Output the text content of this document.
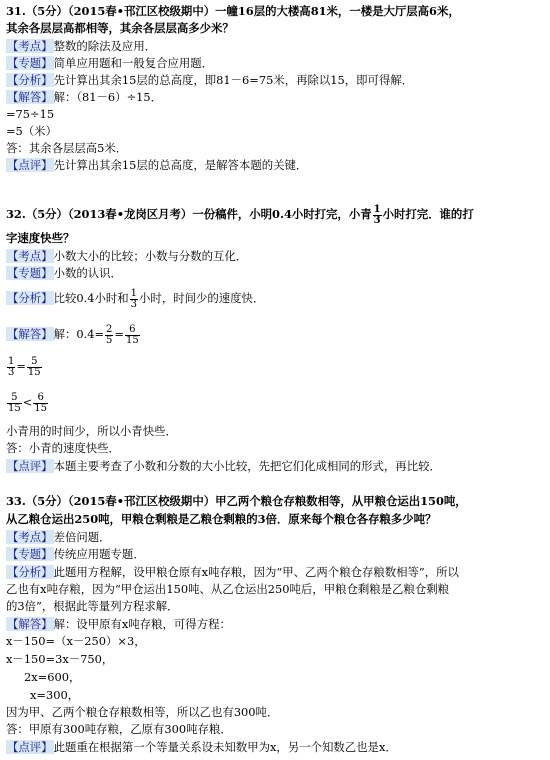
31.（5分）（2015春•邗江区校级期中）一幢16层的大楼高81米，一楼是大厅层高6米，
其余各层层高都相等，其余各层层高多少米？
【考点】整数的除法及应用．
【专题】简单应用题和一般复合应用题．
【分析】先计算出其余15层的总高度，即81－6=75米，再除以15，即可得解．
【解答】解：（81－6）÷15．
=75÷15
=5（米）
答：其余各层层高5米．
【点评】先计算出其余15层的总高度，是解答本题的关键．
32.（5分）（2013春•龙岗区月考）一份稿件，小明0.4小时打完，小青 $\frac{1}{3}$ 小时打完．谁的打
字速度快些？
【考点】小数大小的比较；小数与分数的互化．
【专题】小数的认识．
【分析】比较0.4小时和 $\frac{1}{3}$ 小时，时间少的速度快．
【解答】解：$0.4= \frac{2}{5} = \frac{6}{15}$
$\frac{1}{3} = \frac{5}{15}$
$\frac{5}{15} < \frac{6}{15}$
小青用的时间少，所以小青快些．
答：小青的速度快些．
【点评】本题主要考查了小数和分数的大小比较，先把它们化成相同的形式，再比较．
33.（5分）（2015春•邗江区校级期中）甲乙两个粮仓存粮数相等，从甲粮仓运出150吨，
从乙粮仓运出250吨，甲粮仓剩粮是乙粮仓剩粮的3倍．原来每个粮仓各存粮多少吨？
【考点】差倍问题．
【专题】传统应用题专题．
【分析】此题用方程解，设甲粮仓原有x吨存粮，因为“甲、乙两个粮仓存粮数相等”，所以
乙也有x吨存粮，因为“甲仓运出150吨、从乙仓运出250吨后，甲粮仓剩粮是乙粮仓剩粮
的3倍”，根据此等量列方程求解．
【解答】解：设甲原有x吨存粮，可得方程：
x－150=（x－250）×3，
x－150=3x－750，
2x=600，
x=300，
因为甲、乙两个粮仓存粮数相等，所以乙也有300吨．
答：甲原有300吨存粮，乙原有300吨存粮．
【点评】此题重在根据第一个等量关系设未知数甲为x，另一个知数乙也是x．
